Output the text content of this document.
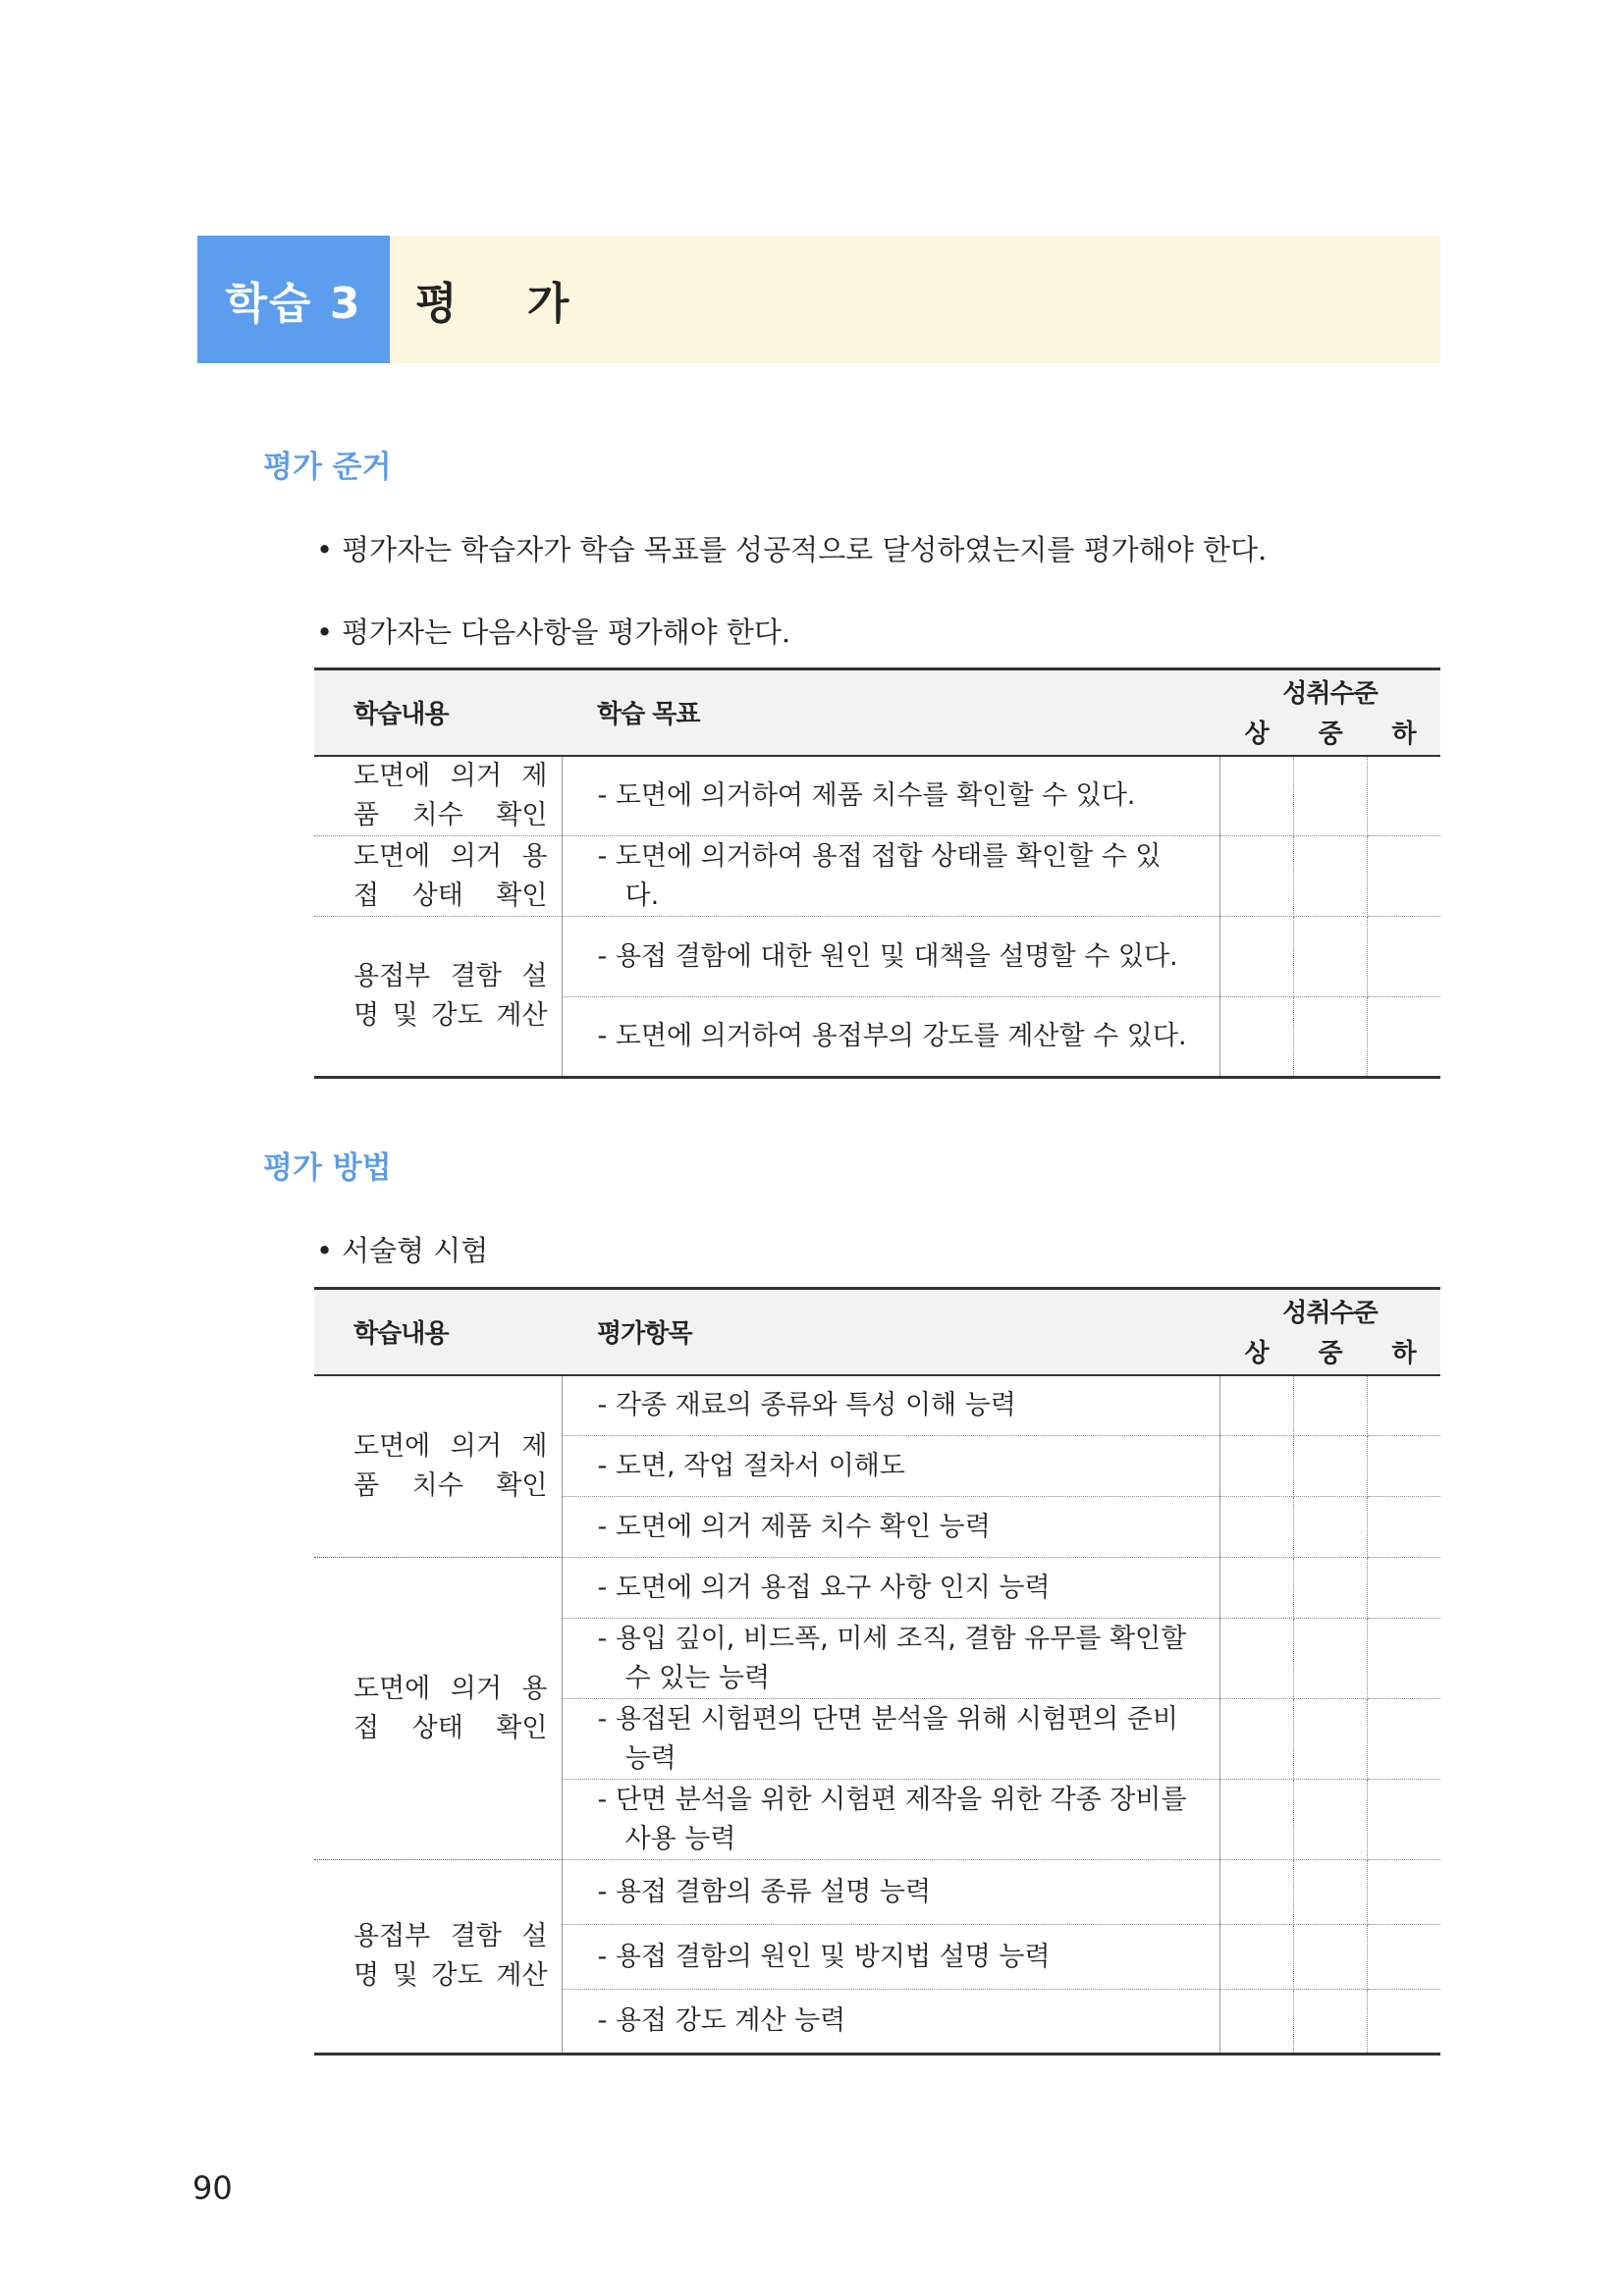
학습 3	평 가
평가 준거
• 평가자는 학습자가 학습 목표를 성공적으로 달성하였는지를 평가해야 한다.
• 평가자는 다음사항을 평가해야 한다.
학습내용	학습 목표	성취수준		
		상	중	하
도면에 의거 제품 치수 확인	- 도면에 의거하여 제품 치수를 확인할 수 있다.			

도면에 의거 용접 상태 확인	- 도면에 의거하여 용접 접합 상태를 확인할 수 있다.			

용접부 결함 설명 및 강도 계산	- 용접 결함에 대한 원인 및 대책을 설명할 수 있다.			

	- 도면에 의거하여 용접부의 강도를 계산할 수 있다.			

평가 방법
• 서술형 시험
학습내용	평가항목	성취수준		
		상	중	하
도면에 의거 제품 치수 확인	- 각종 재료의 종류와 특성 이해 능력			

	- 도면, 작업 절차서 이해도			

	- 도면에 의거 제품 치수 확인 능력			

도면에 의거 용접 상태 확인	- 도면에 의거 용접 요구 사항 인지 능력			

	- 용입 깊이, 비드폭, 미세 조직, 결함 유무를 확인할 수 있는 능력			

	- 용접된 시험편의 단면 분석을 위해 시험편의 준비 능력			

	- 단면 분석을 위한 시험편 제작을 위한 각종 장비를 사용 능력			

용접부 결함 설명 및 강도 계산	- 용접 결함의 종류 설명 능력			

	- 용접 결함의 원인 및 방지법 설명 능력			

	- 용접 강도 계산 능력			

90
